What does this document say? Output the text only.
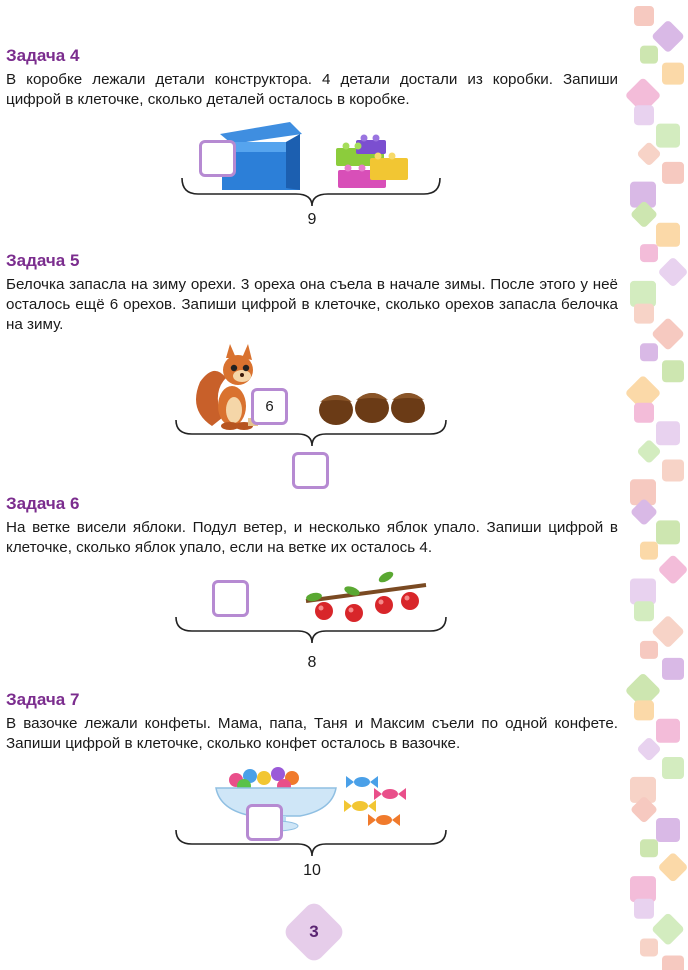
Задача 4

В коробке лежали детали конструктора. 4 детали достали из коробки. Запиши цифрой в клеточке, сколько деталей осталось в коробке.

9

Задача 5

Белочка запасла на зиму орехи. 3 ореха она съела в начале зимы. После этого у неё осталось ещё 6 орехов. Запиши цифрой в клеточке, сколько орехов запасла белочка на зиму.

6

Задача 6

На ветке висели яблоки. Подул ветер, и несколько яблок упало. Запиши цифрой в клеточке, сколько яблок упало, если на ветке их осталось 4.

8

Задача 7

В вазочке лежали конфеты. Мама, папа, Таня и Максим съели по одной конфете. Запиши цифрой в клеточке, сколько конфет осталось в вазочке.

10
3
